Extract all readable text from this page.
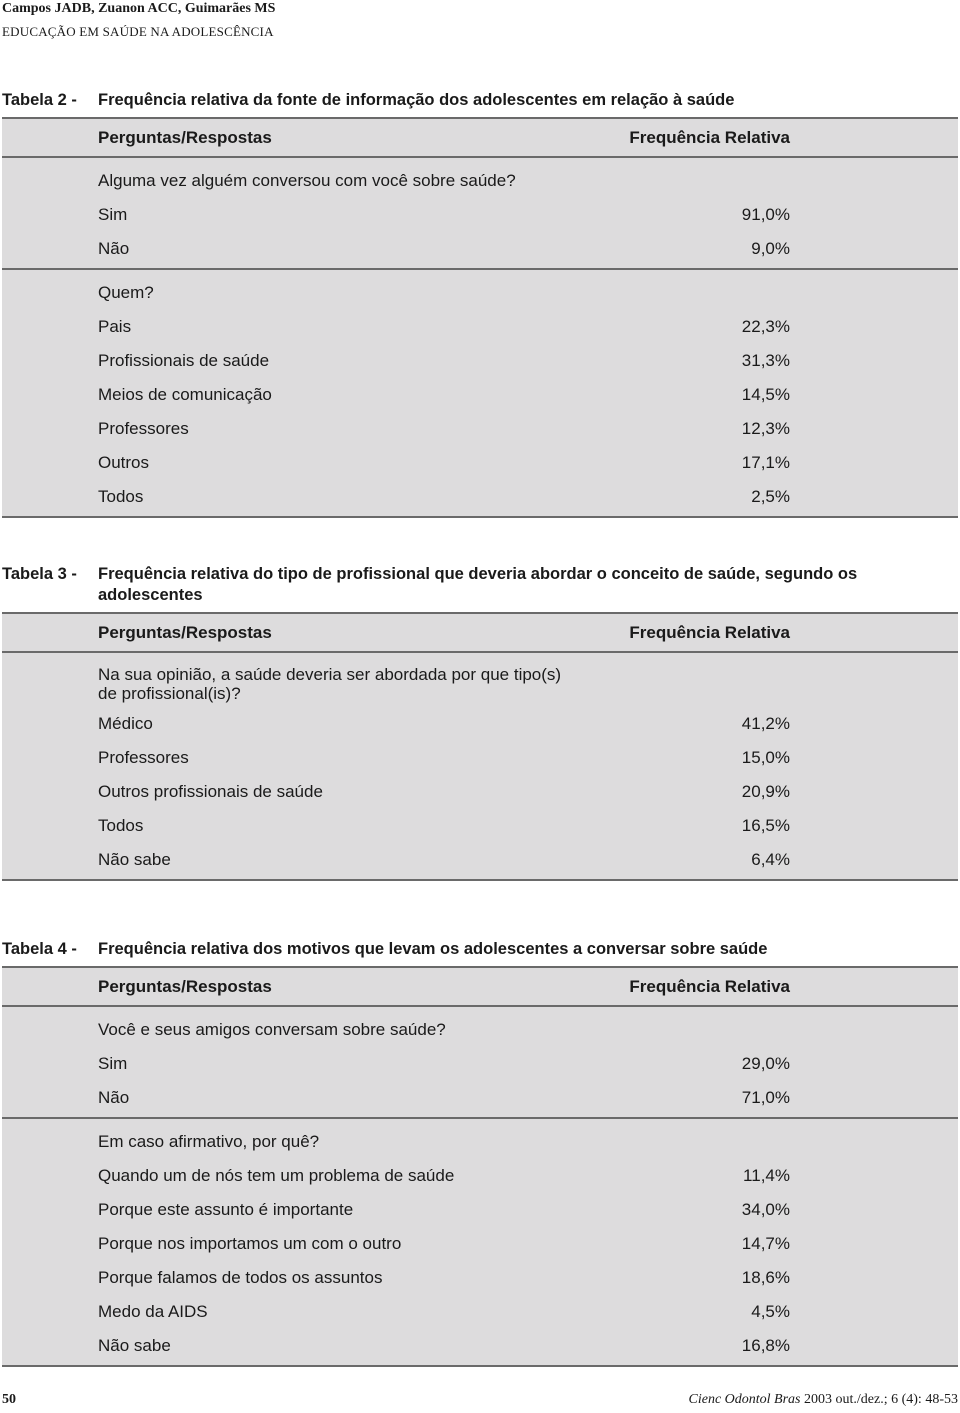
Campos JADB, Zuanon ACC, Guimarães MS
EDUCAÇÃO EM SAÚDE NA ADOLESCÊNCIA
Tabela 2 -	Frequência relativa da fonte de informação dos adolescentes em relação à saúde
Perguntas/Respostas	Frequência Relativa
Alguma vez alguém conversou com você sobre saúde?
Sim	91,0%
Não	9,0%
Quem?
Pais	22,3%
Profissionais de saúde	31,3%
Meios de comunicação	14,5%
Professores	12,3%
Outros	17,1%
Todos	2,5%
Tabela 3 -	Frequência relativa do tipo de profissional que deveria abordar o conceito de saúde, segundo os adolescentes
Perguntas/Respostas	Frequência Relativa
Na sua opinião, a saúde deveria ser abordada por que tipo(s) de profissional(is)?
Médico	41,2%
Professores	15,0%
Outros profissionais de saúde	20,9%
Todos	16,5%
Não sabe	6,4%
Tabela 4 -	Frequência relativa dos motivos que levam os adolescentes a conversar sobre saúde
Perguntas/Respostas	Frequência Relativa
Você e seus amigos conversam sobre saúde?
Sim	29,0%
Não	71,0%
Em caso afirmativo, por quê?
Quando um de nós tem um problema de saúde	11,4%
Porque este assunto é importante	34,0%
Porque nos importamos um com o outro	14,7%
Porque falamos de todos os assuntos	18,6%
Medo da AIDS	4,5%
Não sabe	16,8%
50	Cienc Odontol Bras 2003 out./dez.; 6 (4): 48-53
